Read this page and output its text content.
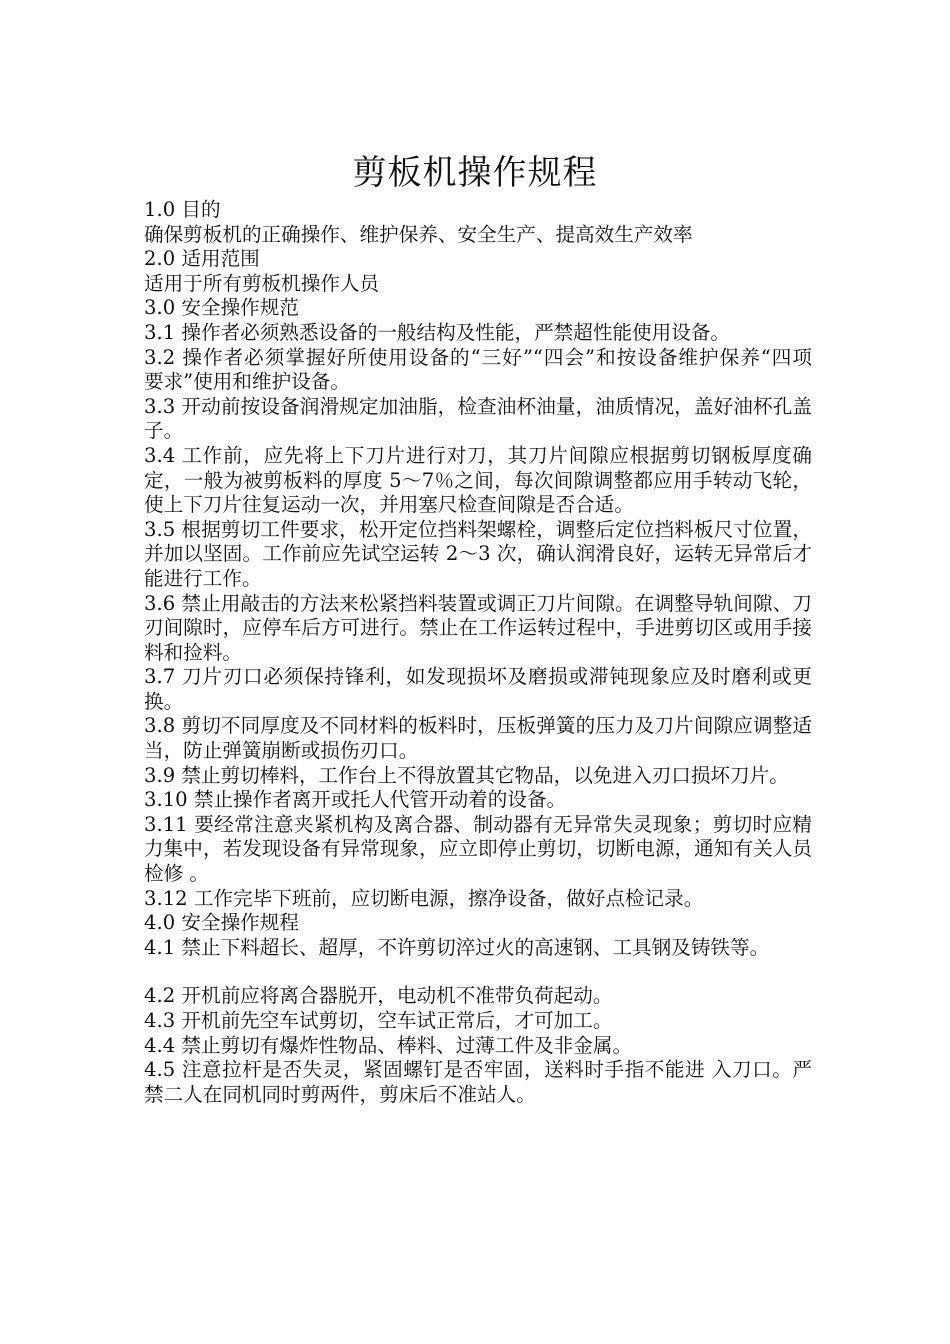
剪板机操作规程

1.0 目的

确保剪板机的正确操作、维护保养、安全生产、提高效生产效率

2.0 适用范围

适用于所有剪板机操作人员

3.0 安全操作规范

3.1 操作者必须熟悉设备的一般结构及性能，严禁超性能使用设备。

3.2 操作者必须掌握好所使用设备的“三好”“四会”和按设备维护保养“四项　要求”使用和维护设备。

3.3 开动前按设备润滑规定加油脂，检查油杯油量，油质情况，盖好油杯孔盖子。

3.4 工作前，应先将上下刀片进行对刀，其刀片间隙应根据剪切钢板厚度确定，一般为被剪板料的厚度 5～7％之间，每次间隙调整都应用手转动飞轮，使上下刀片往复运动一次，并用塞尺检查间隙是否合适。

3.5 根据剪切工件要求，松开定位挡料架螺栓，调整后定位挡料板尺寸位置，并加以坚固。工作前应先试空运转 2～3 次，确认润滑良好，运转无异常后才能进行工作。

3.6 禁止用敲击的方法来松紧挡料装置或调正刀片间隙。在调整导轨间隙、刀刃间隙时，应停车后方可进行。禁止在工作运转过程中，手进剪切区或用手接料和捡料。

3.7 刀片刃口必须保持锋利，如发现损坏及磨损或滞钝现象应及时磨利或更换。

3.8 剪切不同厚度及不同材料的板料时，压板弹簧的压力及刀片间隙应调整适当，防止弹簧崩断或损伤刃口。

3.9 禁止剪切棒料，工作台上不得放置其它物品，以免进入刃口损坏刀片。

3.10 禁止操作者离开或托人代管开动着的设备。

3.11 要经常注意夹紧机构及离合器、制动器有无异常失灵现象；剪切时应精力集中，若发现设备有异常现象，应立即停止剪切，切断电源，通知有关人员检修 。

3.12 工作完毕下班前，应切断电源，擦净设备，做好点检记录。

4.0 安全操作规程

4.1 禁止下料超长、超厚，不许剪切淬过火的高速钢、工具钢及铸铁等。

4.2 开机前应将离合器脱开，电动机不准带负荷起动。

4.3 开机前先空车试剪切，空车试正常后，才可加工。

4.4 禁止剪切有爆炸性物品、棒料、过薄工件及非金属。

4.5 注意拉杆是否失灵，紧固螺钉是否牢固，送料时手指不能进 入刀口。严禁二人在同机同时剪两件，剪床后不准站人。
